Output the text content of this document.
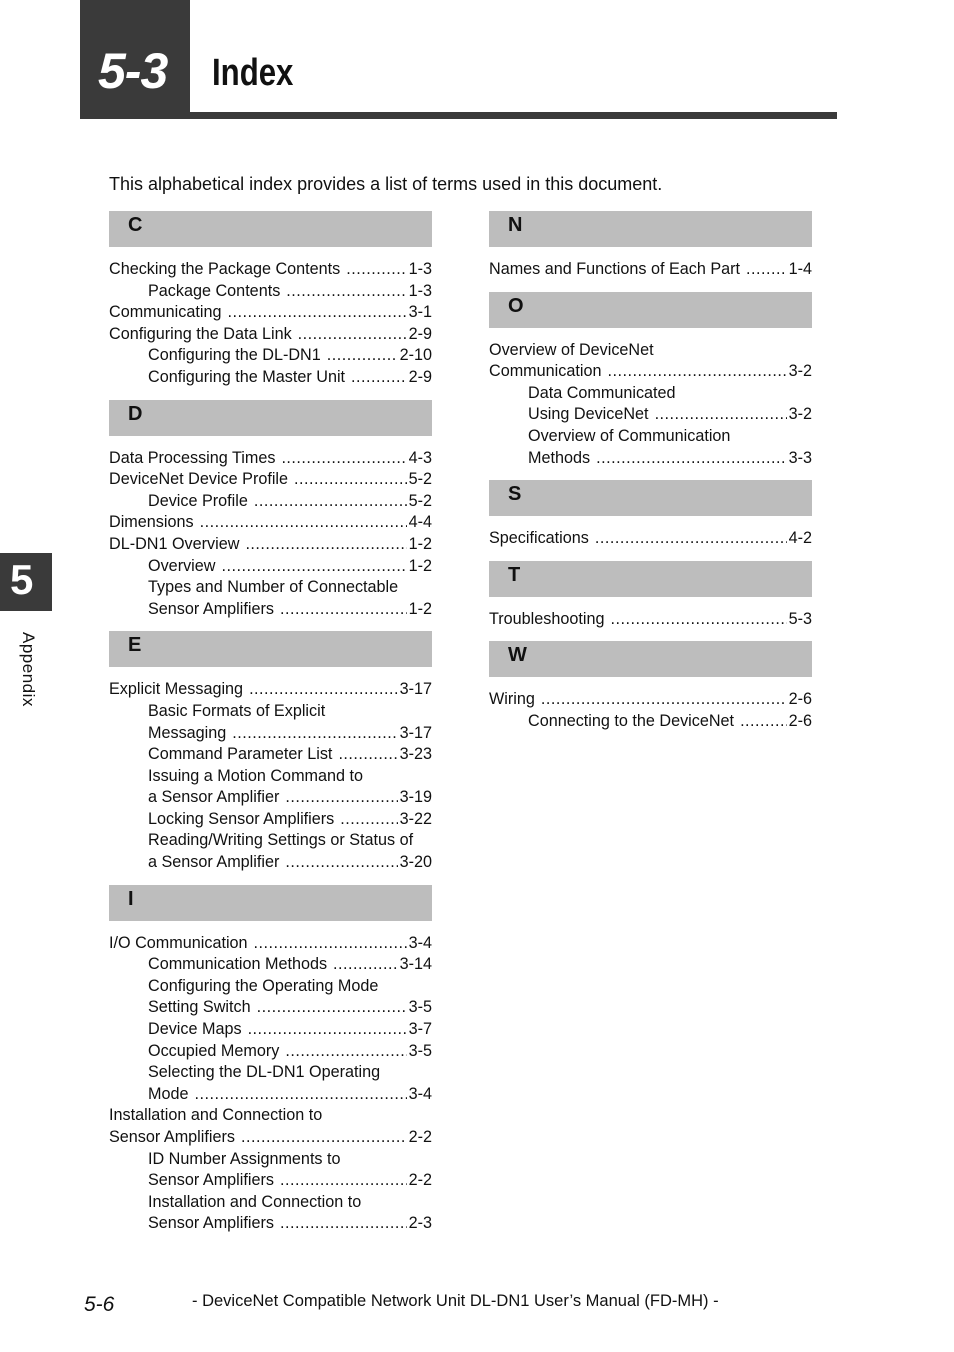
5-3 Index
This alphabetical index provides a list of terms used in this document.
C
Checking the Package Contents .....	1-3
Package Contents .....	1-3
Communicating .....	3-1
Configuring the Data Link .....	2-9
Configuring the DL-DN1 .....	2-10
Configuring the Master Unit .....	2-9
D
Data Processing Times .....	4-3
DeviceNet Device Profile .....	5-2
Device Profile .....	5-2
Dimensions .....	4-4
DL-DN1 Overview .....	1-2
Overview .....	1-2
Types and Number of Connectable
Sensor Amplifiers .....	1-2
E
Explicit Messaging .....	3-17
Basic Formats of Explicit
Messaging .....	3-17
Command Parameter List .....	3-23
Issuing a Motion Command to
a Sensor Amplifier .....	3-19
Locking Sensor Amplifiers .....	3-22
Reading/Writing Settings or Status of
a Sensor Amplifier .....	3-20
I
I/O Communication .....	3-4
Communication Methods .....	3-14
Configuring the Operating Mode
Setting Switch .....	3-5
Device Maps .....	3-7
Occupied Memory .....	3-5
Selecting the DL-DN1 Operating
Mode .....	3-4
Installation and Connection to
Sensor Amplifiers .....	2-2
ID Number Assignments to
Sensor Amplifiers .....	2-2
Installation and Connection to
Sensor Amplifiers .....	2-3
N
Names and Functions of Each Part .....	1-4
O
Overview of DeviceNet
Communication .....	3-2
Data Communicated
Using DeviceNet .....	3-2
Overview of Communication
Methods .....	3-3
S
Specifications .....	4-2
T
Troubleshooting .....	5-3
W
Wiring .....	2-6
Connecting to the DeviceNet .....	2-6
5
Appendix
5-6	- DeviceNet Compatible Network Unit DL-DN1 User’s Manual (FD-MH) -
